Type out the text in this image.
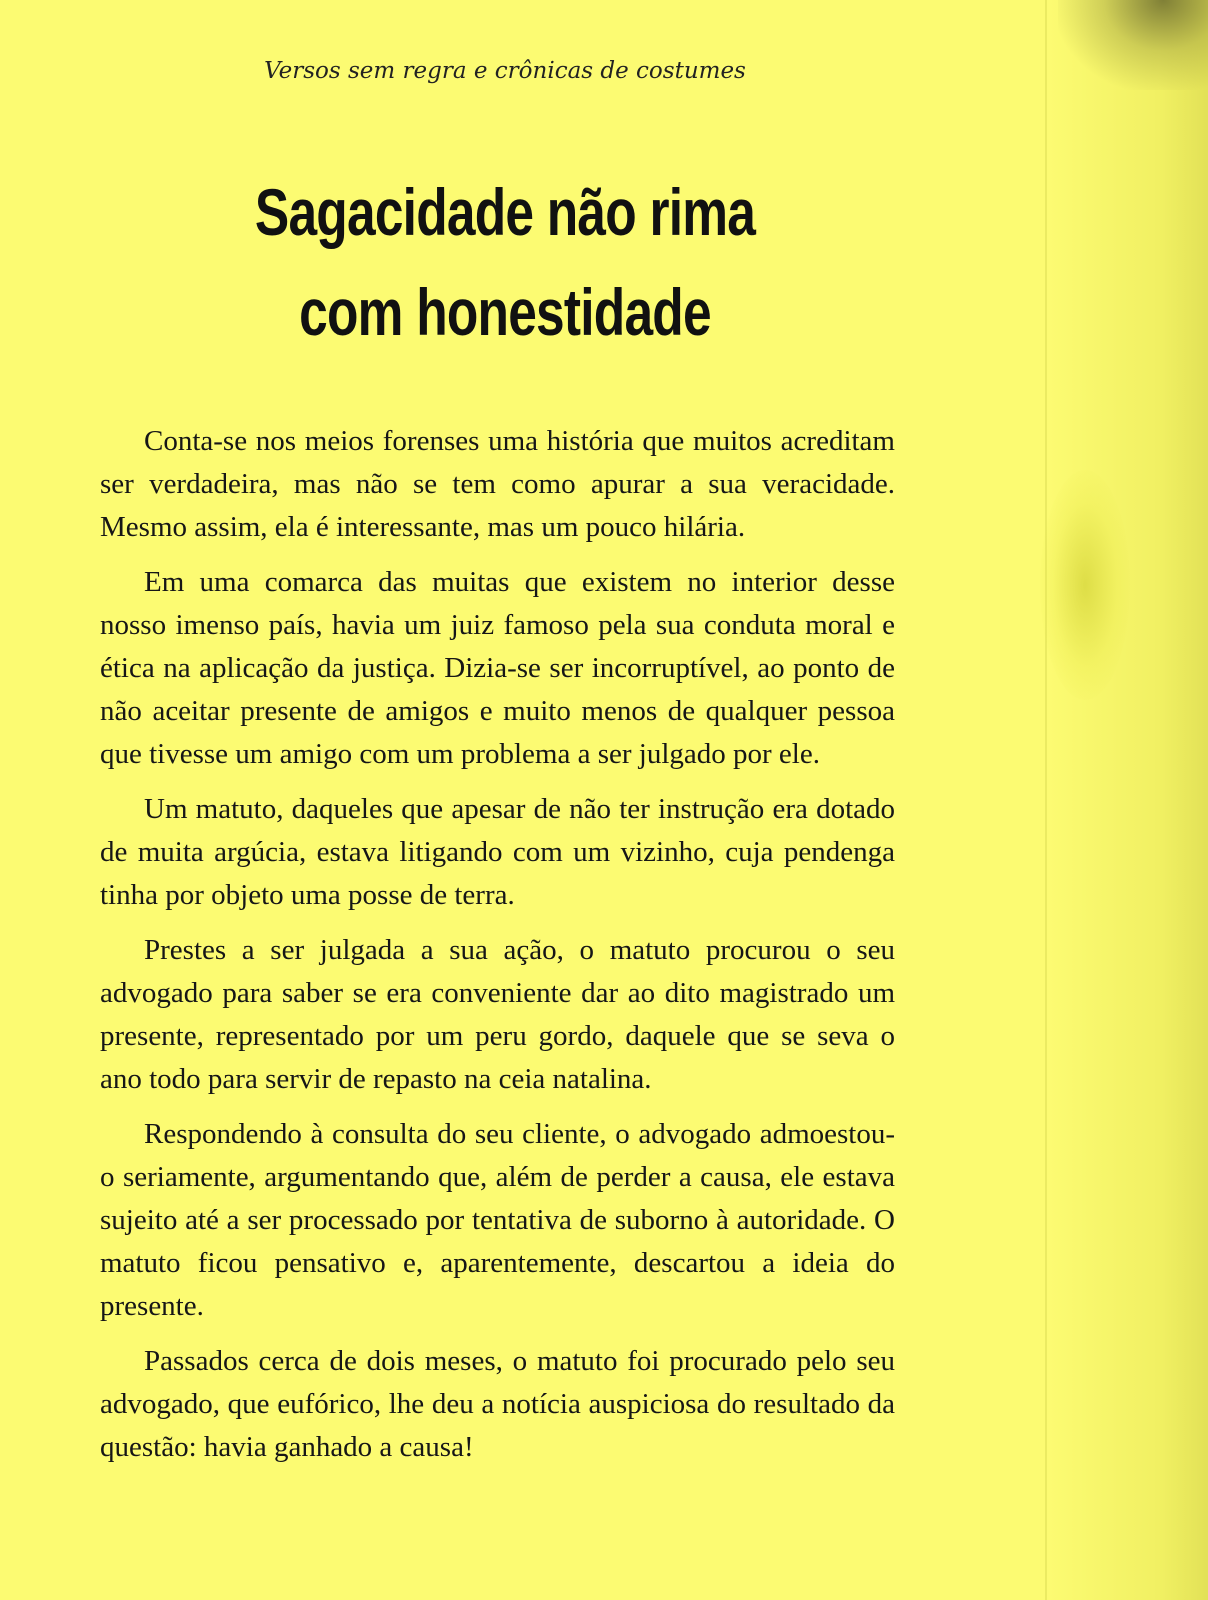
Versos sem regra e crônicas de costumes

Sagacidade não rima
com honestidade

Conta-se nos meios forenses uma história que muitos acreditam ser verdadeira, mas não se tem como apurar a sua veracidade. Mesmo assim, ela é interessante, mas um pouco hilária.

Em uma comarca das muitas que existem no interior desse nosso imenso país, havia um juiz famoso pela sua conduta moral e ética na aplicação da justiça. Dizia-se ser incorruptível, ao ponto de não aceitar presente de amigos e muito menos de qualquer pessoa que tivesse um amigo com um problema a ser julgado por ele.

Um matuto, daqueles que apesar de não ter instrução era dotado de muita argúcia, estava litigando com um vizinho, cuja pendenga tinha por objeto uma posse de terra.

Prestes a ser julgada a sua ação, o matuto procurou o seu advogado para saber se era conveniente dar ao dito magistrado um presente, representado por um peru gordo, daquele que se seva o ano todo para servir de repasto na ceia natalina.

Respondendo à consulta do seu cliente, o advogado admoestou-o seriamente, argumentando que, além de perder a causa, ele estava sujeito até a ser processado por tentativa de suborno à autoridade. O matuto ficou pensativo e, aparentemente, descartou a ideia do presente.

Passados cerca de dois meses, o matuto foi procurado pelo seu advogado, que eufórico, lhe deu a notícia auspiciosa do resultado da questão: havia ganhado a causa!
